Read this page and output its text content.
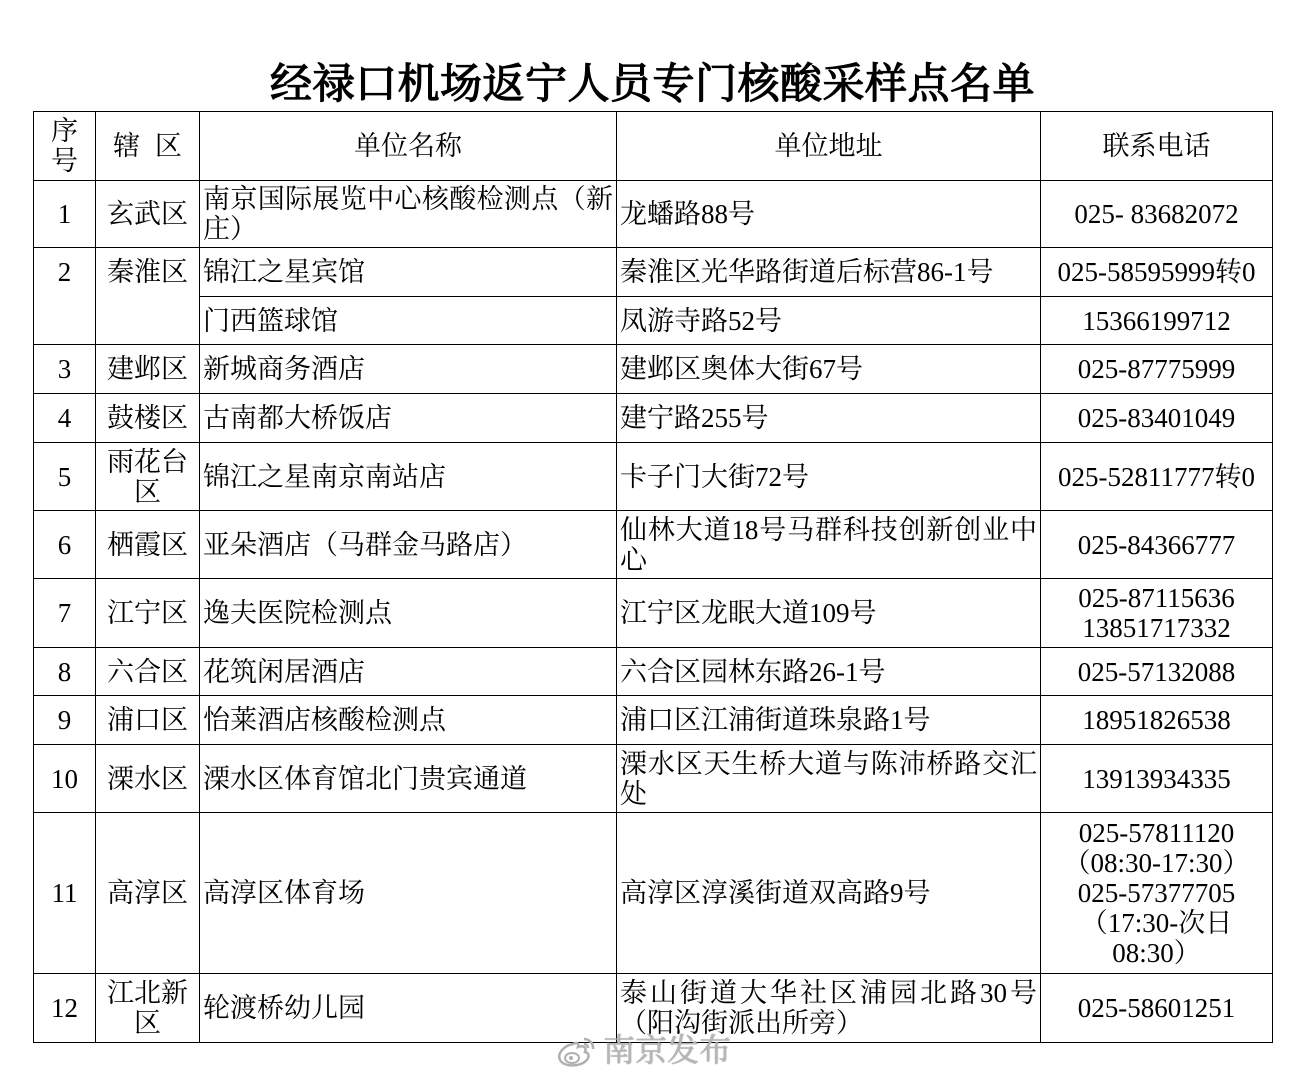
经禄口机场返宁人员专门核酸采样点名单
序号	辖 区	单位名称	单位地址	联系电话
1	玄武区	南京国际展览中心核酸检测点（新庄）	龙蟠路88号	025- 83682072

2	秦淮区	锦江之星宾馆	秦淮区光华路街道后标营86-1号	025-58595999转0

		门西篮球馆	凤游寺路52号	15366199712

3	建邺区	新城商务酒店	建邺区奥体大街67号	025-87775999

4	鼓楼区	古南都大桥饭店	建宁路255号	025-83401049

5	雨花台区	锦江之星南京南站店	卡子门大街72号	025-52811777转0

6	栖霞区	亚朵酒店（马群金马路店）	仙林大道18号马群科技创新创业中心	025-84366777

7	江宁区	逸夫医院检测点	江宁区龙眠大道109号	025-87115636
13851717332

8	六合区	花筑闲居酒店	六合区园林东路26-1号	025-57132088

9	浦口区	怡莱酒店核酸检测点	浦口区江浦街道珠泉路1号	18951826538

10	溧水区	溧水区体育馆北门贵宾通道	溧水区天生桥大道与陈沛桥路交汇处	13913934335

11	高淳区	高淳区体育场	高淳区淳溪街道双高路9号	025-57811120
（08:30-17:30）
025-57377705
（17:30-次日
08:30）

12	江北新区	轮渡桥幼儿园	泰山街道大华社区浦园北路30号（阳沟街派出所旁）	025-58601251
南京发布
